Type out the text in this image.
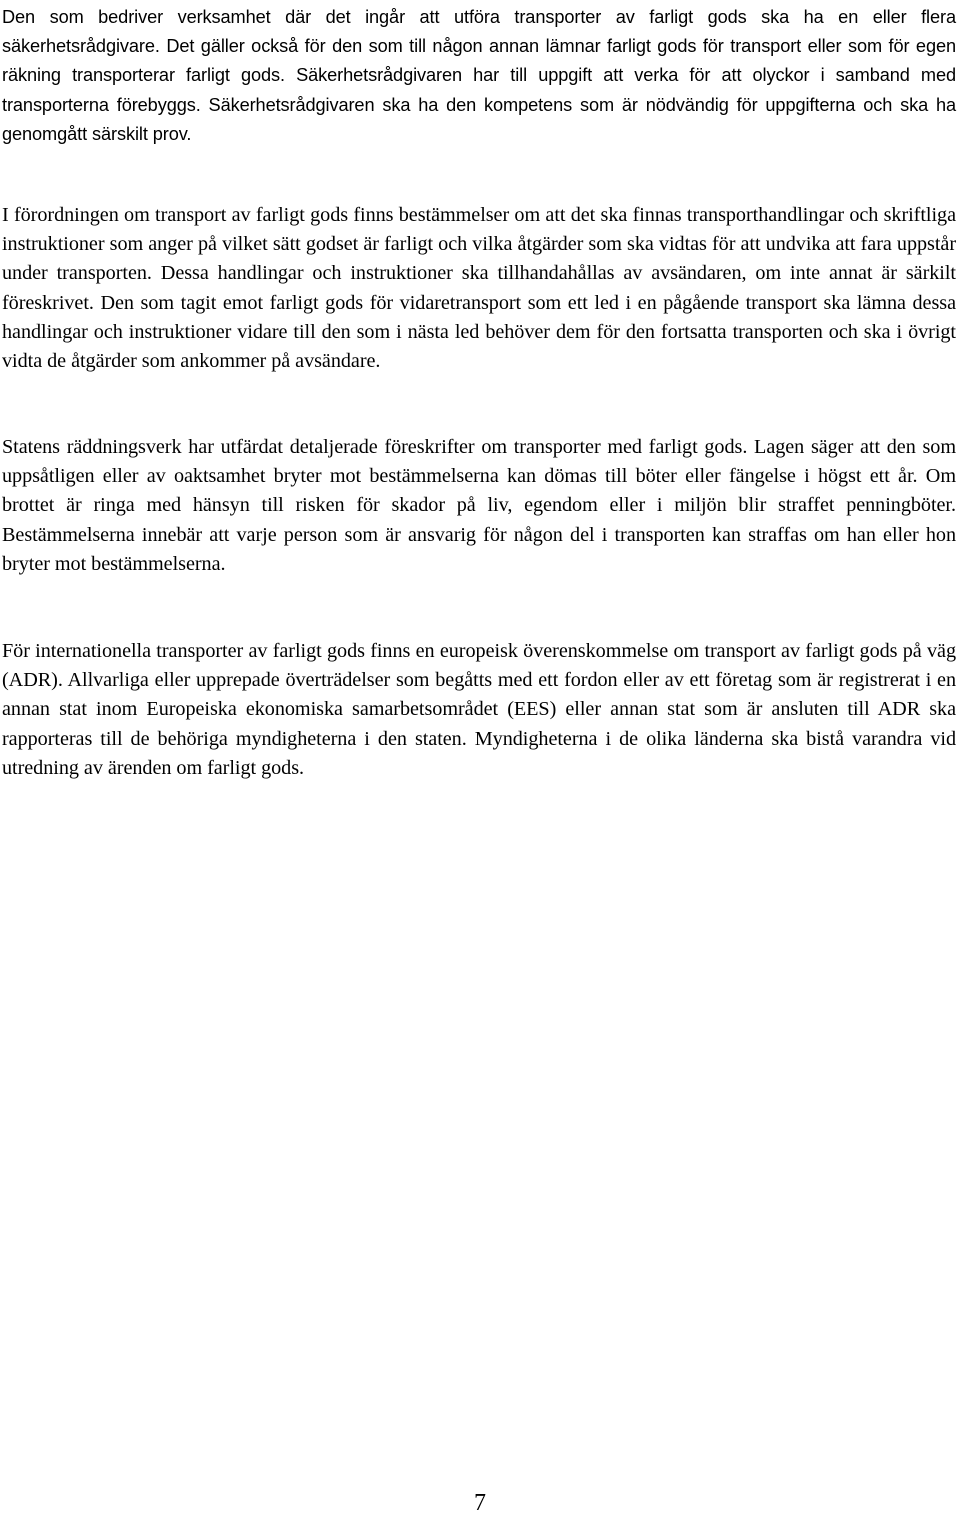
Den som bedriver verksamhet där det ingår att utföra transporter av farligt gods ska ha en eller flera säkerhetsrådgivare. Det gäller också för den som till någon annan lämnar farligt gods för transport eller som för egen räkning transporterar farligt gods. Säkerhetsrådgivaren har till uppgift att verka för att olyckor i samband med transporterna förebyggs. Säkerhetsrådgivaren ska ha den kompetens som är nödvändig för uppgifterna och ska ha genomgått särskilt prov.

I förordningen om transport av farligt gods finns bestämmelser om att det ska finnas transporthandlingar och skriftliga instruktioner som anger på vilket sätt godset är farligt och vilka åtgärder som ska vidtas för att undvika att fara uppstår under transporten. Dessa handlingar och instruktioner ska tillhandahållas av avsändaren, om inte annat är särkilt föreskrivet. Den som tagit emot farligt gods för vidaretransport som ett led i en pågående transport ska lämna dessa handlingar och instruktioner vidare till den som i nästa led behöver dem för den fortsatta transporten och ska i övrigt vidta de åtgärder som ankommer på avsändare.

Statens räddningsverk har utfärdat detaljerade föreskrifter om transporter med farligt gods. Lagen säger att den som uppsåtligen eller av oaktsamhet bryter mot bestämmelserna kan dömas till böter eller fängelse i högst ett år. Om brottet är ringa med hänsyn till risken för skador på liv, egendom eller i miljön blir straffet penningböter. Bestämmelserna innebär att varje person som är ansvarig för någon del i transporten kan straffas om han eller hon bryter mot bestämmelserna.

För internationella transporter av farligt gods finns en europeisk överenskommelse om transport av farligt gods på väg (ADR). Allvarliga eller upprepade överträdelser som begåtts med ett fordon eller av ett företag som är registrerat i en annan stat inom Europeiska ekonomiska samarbetsområdet (EES) eller annan stat som är ansluten till ADR ska rapporteras till de behöriga myndigheterna i den staten. Myndigheterna i de olika länderna ska bistå varandra vid utredning av ärenden om farligt gods.

7
